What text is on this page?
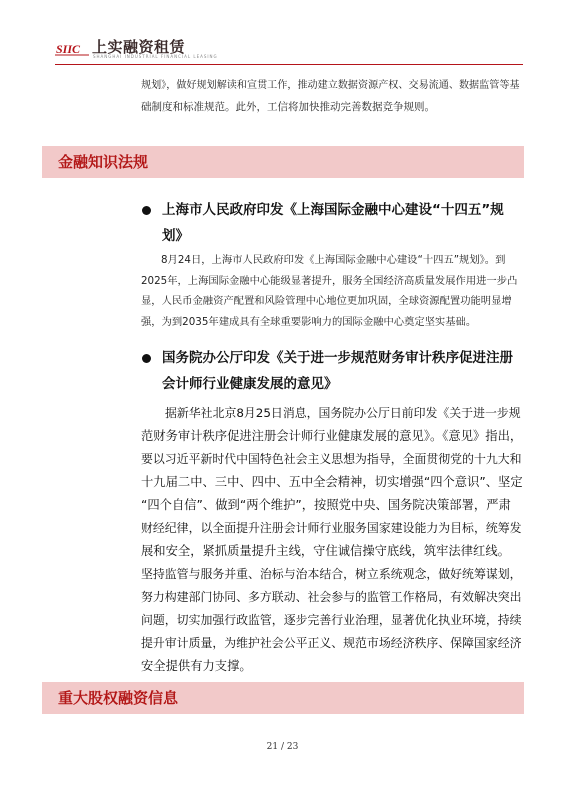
SIIC 上实融资租赁
SHANGHAI INDUSTRIAL FINANCIAL LEASING
规划》，做好规划解读和宣贯工作，推动建立数据资源产权、交易流通、数据监管等基
础制度和标准规范。此外，工信将加快推动完善数据竞争规则。
金融知识法规
上海市人民政府印发《上海国际金融中心建设“十四五”规
划》
8月24日，上海市人民政府印发《上海国际金融中心建设“十四五”规划》。到
2025年，上海国际金融中心能级显著提升，服务全国经济高质量发展作用进一步凸
显，人民币金融资产配置和风险管理中心地位更加巩固，全球资源配置功能明显增
强，为到2035年建成具有全球重要影响力的国际金融中心奠定坚实基础。
国务院办公厅印发《关于进一步规范财务审计秩序促进注册
会计师行业健康发展的意见》
据新华社北京8月25日消息，国务院办公厅日前印发《关于进一步规
范财务审计秩序促进注册会计师行业健康发展的意见》。《意见》指出，
要以习近平新时代中国特色社会主义思想为指导，全面贯彻党的十九大和
十九届二中、三中、四中、五中全会精神，切实增强“四个意识”、坚定
“四个自信”、做到“两个维护”，按照党中央、国务院决策部署，严肃
财经纪律，以全面提升注册会计师行业服务国家建设能力为目标，统筹发
展和安全，紧抓质量提升主线，守住诚信操守底线，筑牢法律红线。
坚持监管与服务并重、治标与治本结合，树立系统观念，做好统筹谋划，
努力构建部门协同、多方联动、社会参与的监管工作格局，有效解决突出
问题，切实加强行政监管，逐步完善行业治理，显著优化执业环境，持续
提升审计质量，为维护社会公平正义、规范市场经济秩序、保障国家经济
安全提供有力支撑。
重大股权融资信息
21 / 23
